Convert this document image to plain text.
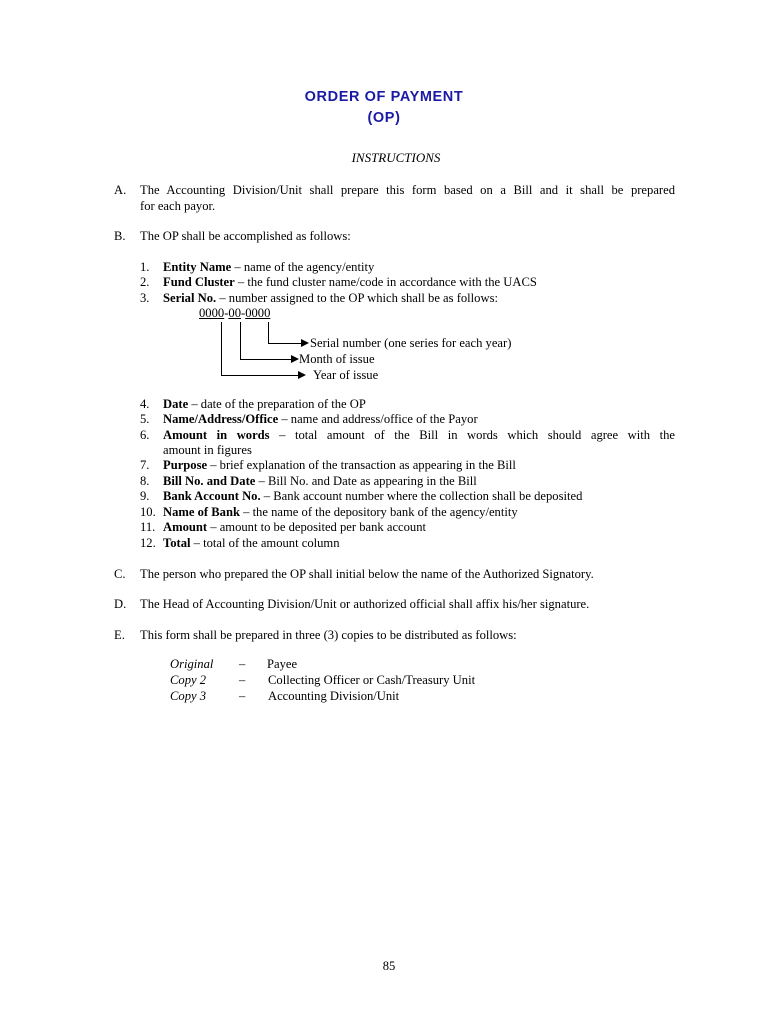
ORDER OF PAYMENT
(OP)
INSTRUCTIONS
A. The Accounting Division/Unit shall prepare this form based on a Bill and it shall be prepared
for each payor.
B. The OP shall be accomplished as follows:
1. Entity Name – name of the agency/entity
2. Fund Cluster – the fund cluster name/code in accordance with the UACS
3. Serial No. – number assigned to the OP which shall be as follows:
0000-00-0000
Serial number (one series for each year)
Month of issue
Year of issue
4. Date – date of the preparation of the OP
5. Name/Address/Office – name and address/office of the Payor
6. Amount in words – total amount of the Bill in words which should agree with the
amount in figures
7. Purpose – brief explanation of the transaction as appearing in the Bill
8. Bill No. and Date – Bill No. and Date as appearing in the Bill
9. Bank Account No. – Bank account number where the collection shall be deposited
10. Name of Bank – the name of the depository bank of the agency/entity
11. Amount – amount to be deposited per bank account
12. Total – total of the amount column
C. The person who prepared the OP shall initial below the name of the Authorized Signatory.
D. The Head of Accounting Division/Unit or authorized official shall affix his/her signature.
E. This form shall be prepared in three (3) copies to be distributed as follows:
Original – Payee
Copy 2	– Collecting Officer or Cash/Treasury Unit
Copy 3	– Accounting Division/Unit
85
